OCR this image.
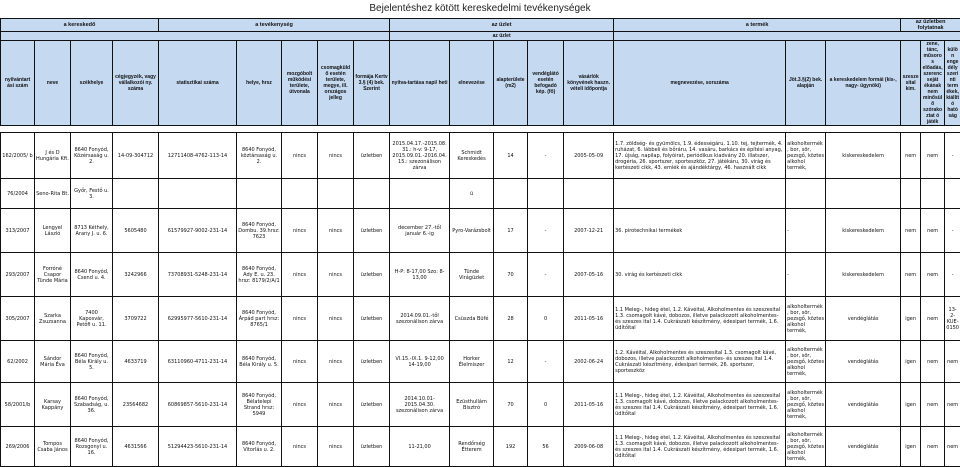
Bejelentéshez kötött kereskedelmi tevékenységek
a kereskedő				a tevékenység					az üzlet					a termék			az üzletben folytatnak		
									az üzlet										
nyilvántart ási szám	neve	székhelye	cégjegyzék, vagy vállalkozói ny. száma	statisztikai száma	helye, hrsz	mozgóbolt működési területe, útvonala	csomagküld ő esetén területe, megye, ill. országos jelleg	formája Kertv 3.§ (4) bek. Szerint	nyitva-tartása napi/ heti	elnevezése	alapterülete (m2)	vendéglátó esetén befogadó kép. (fő)	vásárlók könyvének haszn. vételi időpontja	megnevezése, sorszáma	Jöt.3.§(2) bek. alapján	a kereskedelem formái (kis-, nagy- ügynöki)	szeszesital kim.	zene, tánc, műsoros előadás, szerencseját ékának nem minősülő szórakoztat ó játék	külön engedély szerinti termékek, kiállító hatóság

162/2005/ b	J és D Hungária Kft.	8640 Fonyód, Közérsaság u. 2.	14-09-304712	12711408-4762-113-14	8640 Fonyód, köztársaság u. 2.	nincs	nincs	üzletben	2015.04.17.-2015.08.31.: h-v: 9-17, 2015.09.01.-2016.04.15.: szezonálison zárva	Schmidt Kereskedés	14	-	2005-05-09	1.7. zöldség- és gyümölcs, 1.9. édességáru, 1.10. tej, tejtermék, 4. ruházat, 6. lábbeli és bőráru, 14. vasáru, barkács és építési anyag, 17. újság, napilap, folyóirat, periódikus kiadvány 20. illatszer, drogéria, 26. sportszer, sporteszköz, 27. játékáru, 30. virág és kertészeti cikk, 43. emlék és ajándéktárgy, 46. használt cikk	alkoholtermék, bor, sör, pezsgő, köztes alkohol termék,	kiskereskedelem	nem	nem	-
76/2004	Seno-Rita Bt.	Győr, Festő u. 3.								ü									
313/2007	Lengyel László	8713 Kéthely, Arany J. u. 6.	5605480	61579927-9002-231-14	8640 Fonyód, Dombu. 39.hrsz: 7623	nincs	nincs	üzletben	december 27.-től január 6.-ig	Pyro-Varázsbolt	17	-	2007-12-21	36. pirotechnikai termékek	-	kiskereskedelem	nem	nem	-
293/2007	Forróné Csapor Tünde Mária	8640 Fonyód, Csend u. 4.	3242966	73708931-5248-231-14	8640 Fonyód, Ady E. u. 23. hrsz: 8179/2/A/1	nincs	nincs	üzletben	H-P: 8-17,00 Szo: 8-13,00	Tünde Virágüzlet	70	-	2007-05-16	30. virág és kertészeti cikk	-	kiskereskedelem	nem	nem	-
305/2007	Szarka Zsuzsanna	7400 Kaposvár, Petőfi u. 11.	3709722	62995977-5610-231-14	8640 Fonyód, Árpád part hrsz: 8765/1	nincs	nincs	üzletben	2014.09.01.-től szezonálison zárva	Csüszda Büfé	28	0	2011-05-16	1.1 Meleg-, hideg étel, 1.2. Kávéital, Alkoholmentes és szeszesital 1.3. csomagolt kávé, dobozos, illetve palackozott alkoholmentes- és szeszes ital 1.4. Cukrászati készítmény, édesipari termék, 1.6. üdítőital	alkoholtermék, bor, sör, pezsgő, köztes alkohol termék,	vendéglátás	igen	nem	13-2-KUE-0150
62/2002	Sándor Mária Éva	8640 Fonyód, Béla Király u. 5.	4633719	63110960-4711-231-14	8640 Fonyód, Béla Király u. 5.	nincs	nincs	üzletben	VI.15.-IX.1. 9-12,00 14-19,00	Horker Élelmiszer	12	-	2002-06-24	1.2. Kávéital, Alkoholmentes és szeszesital 1.3. csomagolt kávé, dobozos, illetve palackozott alkoholmentes- és szeszes ital 1.4. Cukrászati készítmény, édesipari termék, 26. sportszer, sporteszköz	alkoholtermék, bor, sör, pezsgő, köztes alkohol termék,	vendéglátás	igen	nem	nem
58/2001/b	Karsay Kappány	8640 Fonyód, Szabadság, u. 36.	23564682	60869857-5610-231-14	8640 Fonyód, Bélatelepi Strand hrsz: 5949	nincs	nincs	üzletben	2014.10.01-2015.04.30. szezonálison zárva	Ezüsthullám Bisztró	70	0	2011-05-16	1.1 Meleg-, hideg étel, 1.2. Kávéital, Alkoholmentes és szeszesital 1.3. csomagolt kávé, dobozos, illetve palackozott alkoholmentes- és szeszes ital 1.4. Cukrászati készítmény, édesipari termék, 1.6. üdítőital	alkoholtermék, bor, sör, pezsgő, köztes alkohol termék,	vendéglátás	igen	nem	nem
269/2006	Tompos Csaba János	8640 Fonyód, Rozsgonyi u. 16.	4631566	51294423-5610-231-14	8640 Fonyód, Vitorlás u. 2.	nincs	nincs	üzletben	11-21,00	Rendőrség Étterem	192	56	2009-06-08	1.1 Meleg-, hideg étel, 1.2. Kávéital, Alkoholmentes és szeszesital 1.3. csomagolt kávé, dobozos, illetve palackozott alkoholmentes- és szeszes ital 1.4. Cukrászati készítmény, édesipari termék, 1.6. üdítőital	alkoholtermék, bor, sör, pezsgő, köztes alkohol termék,	vendéglátás	igen	nem	nem
